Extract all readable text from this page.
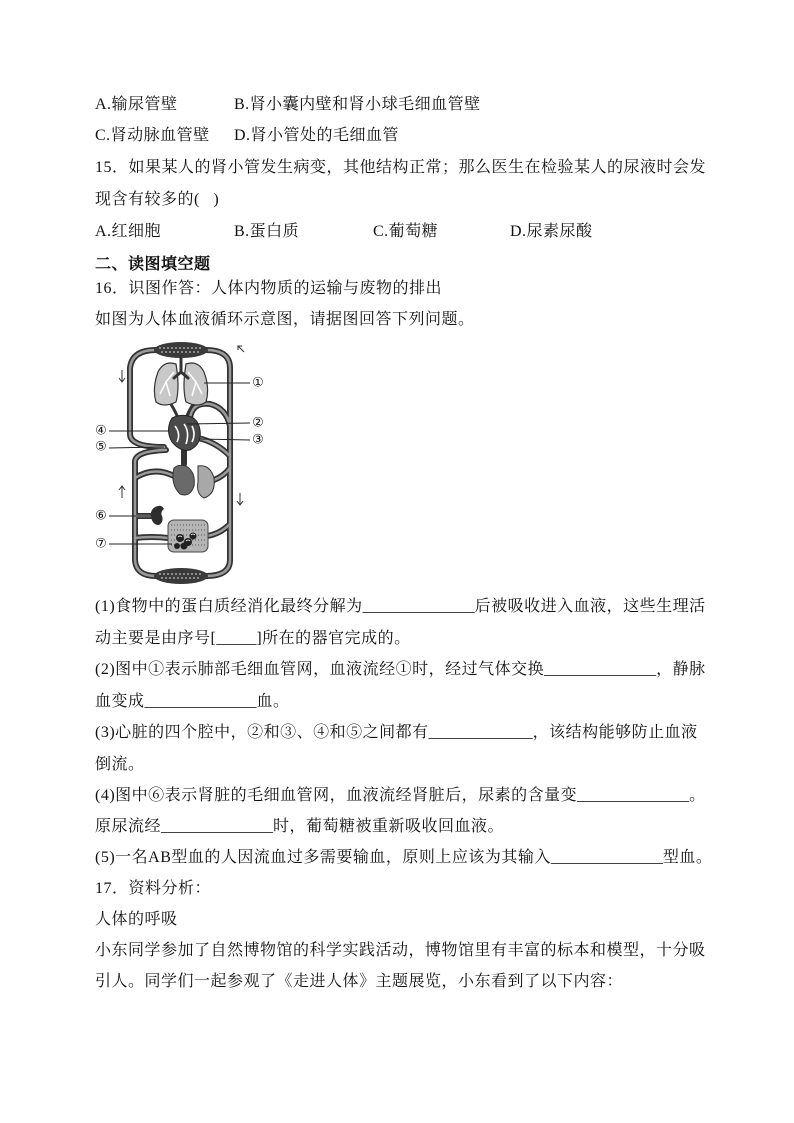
A.输尿管壁	B.肾小囊内壁和肾小球毛细血管壁
C.肾动脉血管壁 D.肾小管处的毛细血管
15．如果某人的肾小管发生病变，其他结构正常；那么医生在检验某人的尿液时会发
现含有较多的(   )
A.红细胞	B.蛋白质	C.葡萄糖	D.尿素尿酸
二、读图填空题
16．识图作答：人体内物质的运输与废物的排出
如图为人体血液循环示意图，请据图回答下列问题。
①
②
③
④
⑤
⑥
⑦
(1)食物中的蛋白质经消化最终分解为______________后被吸收进入血液，这些生理活
动主要是由序号[_____]所在的器官完成的。
(2)图中①表示肺部毛细血管网，血液流经①时，经过气体交换______________，静脉
血变成______________血。
(3)心脏的四个腔中，②和③、④和⑤之间都有_____________，该结构能够防止血液
倒流。
(4)图中⑥表示肾脏的毛细血管网，血液流经肾脏后，尿素的含量变______________。
原尿流经______________时，葡萄糖被重新吸收回血液。
(5)一名AB型血的人因流血过多需要输血，原则上应该为其输入______________型血。
17．资料分析：
人体的呼吸
小东同学参加了自然博物馆的科学实践活动，博物馆里有丰富的标本和模型，十分吸
引人。同学们一起参观了《走进人体》主题展览，小东看到了以下内容：
